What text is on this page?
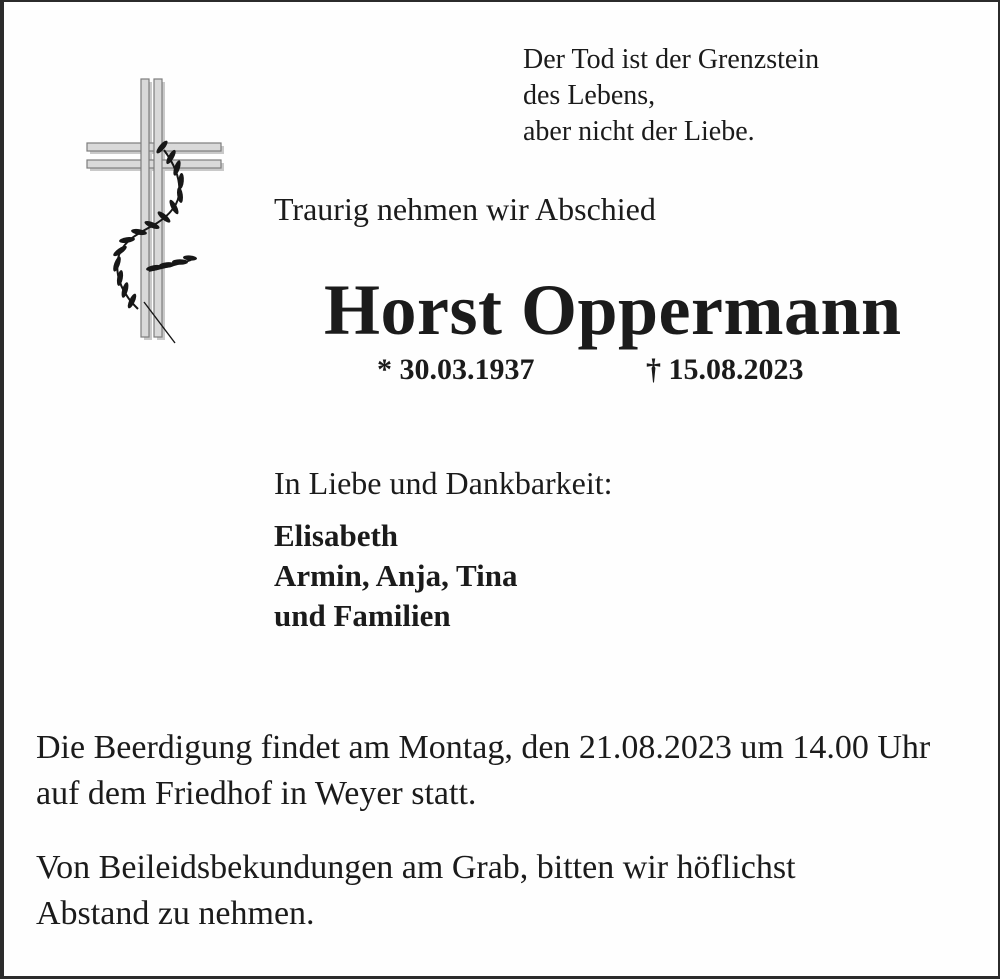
Der Tod ist der Grenzstein
des Lebens,
aber nicht der Liebe.
Traurig nehmen wir Abschied
Horst Oppermann
* 30.03.1937	† 15.08.2023
In Liebe und Dankbarkeit:
Elisabeth
Armin, Anja, Tina
und Familien
Die Beerdigung findet am Montag, den 21.08.2023 um 14.00 Uhr
auf dem Friedhof in Weyer statt.
Von Beileidsbekundungen am Grab, bitten wir höflichst
Abstand zu nehmen.
